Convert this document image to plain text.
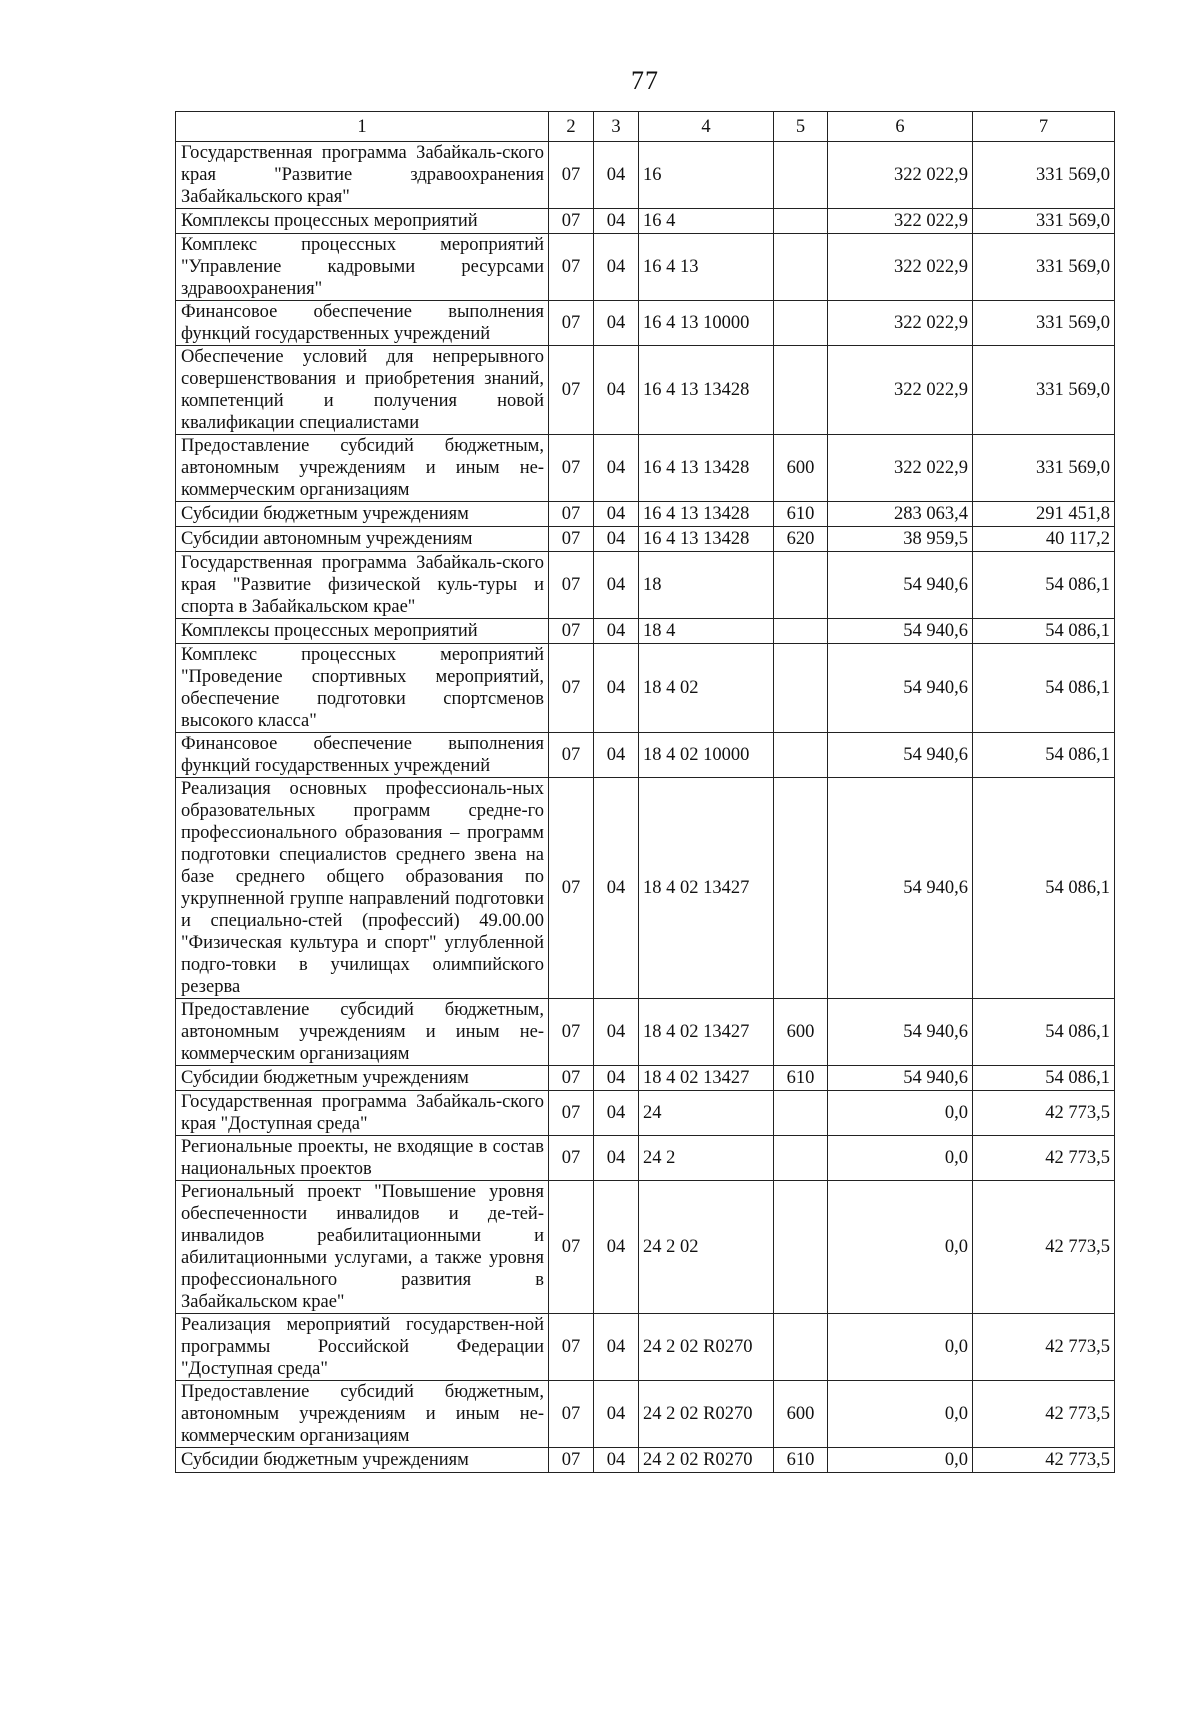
77
1	2	3	4	5	6	7
Государственная программа Забайкаль-ского края "Развитие здравоохранения Забайкальского края"	07	04	16		322 022,9	331 569,0
Комплексы процессных мероприятий	07	04	16 4		322 022,9	331 569,0
Комплекс процессных мероприятий "Управление кадровыми ресурсами здравоохранения"	07	04	16 4 13		322 022,9	331 569,0
Финансовое обеспечение выполнения функций государственных учреждений	07	04	16 4 13 10000		322 022,9	331 569,0
Обеспечение условий для непрерывного совершенствования и приобретения знаний, компетенций и получения новой квалификации специалистами	07	04	16 4 13 13428		322 022,9	331 569,0
Предоставление субсидий бюджетным, автономным учреждениям и иным не-коммерческим организациям	07	04	16 4 13 13428	600	322 022,9	331 569,0
Субсидии бюджетным учреждениям	07	04	16 4 13 13428	610	283 063,4	291 451,8
Субсидии автономным учреждениям	07	04	16 4 13 13428	620	38 959,5	40 117,2
Государственная программа Забайкаль-ского края "Развитие физической куль-туры и спорта в Забайкальском крае"	07	04	18		54 940,6	54 086,1
Комплексы процессных мероприятий	07	04	18 4		54 940,6	54 086,1
Комплекс процессных мероприятий "Проведение спортивных мероприятий, обеспечение подготовки спортсменов высокого класса"	07	04	18 4 02		54 940,6	54 086,1
Финансовое обеспечение выполнения функций государственных учреждений	07	04	18 4 02 10000		54 940,6	54 086,1
Реализация основных профессиональ-ных образовательных программ средне-го профессионального образования – программ подготовки специалистов среднего звена на базе среднего общего образования по укрупненной группе направлений подготовки и специально-стей (профессий) 49.00.00 "Физическая культура и спорт" углубленной подго-товки в училищах олимпийского резерва	07	04	18 4 02 13427		54 940,6	54 086,1
Предоставление субсидий бюджетным, автономным учреждениям и иным не-коммерческим организациям	07	04	18 4 02 13427	600	54 940,6	54 086,1
Субсидии бюджетным учреждениям	07	04	18 4 02 13427	610	54 940,6	54 086,1
Государственная программа Забайкаль-ского края "Доступная среда"	07	04	24		0,0	42 773,5
Региональные проекты, не входящие в состав национальных проектов	07	04	24 2		0,0	42 773,5
Региональный проект "Повышение уровня обеспеченности инвалидов и де-тей-инвалидов реабилитационными и абилитационными услугами, а также уровня профессионального развития в Забайкальском крае"	07	04	24 2 02		0,0	42 773,5
Реализация мероприятий государствен-ной программы Российской Федерации "Доступная среда"	07	04	24 2 02 R0270		0,0	42 773,5
Предоставление субсидий бюджетным, автономным учреждениям и иным не-коммерческим организациям	07	04	24 2 02 R0270	600	0,0	42 773,5
Субсидии бюджетным учреждениям	07	04	24 2 02 R0270	610	0,0	42 773,5
